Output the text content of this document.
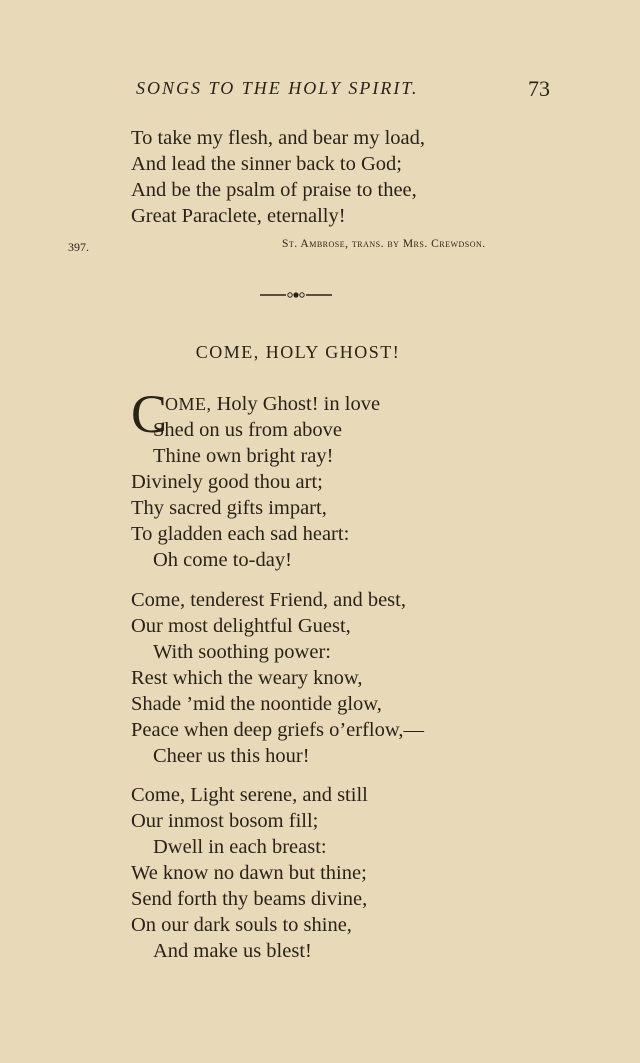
SONGS TO THE HOLY SPIRIT.	73
To take my flesh, and bear my load,
And lead the sinner back to God;
And be the psalm of praise to thee,
Great Paraclete, eternally!
397.	St. Ambrose, trans. by Mrs. Crewdson.
COME, HOLY GHOST!
C
OME, Holy Ghost! in love
Shed on us from above
Thine own bright ray!
Divinely good thou art;
Thy sacred gifts impart,
To gladden each sad heart:
Oh come to-day!
Come, tenderest Friend, and best,
Our most delightful Guest,
With soothing power:
Rest which the weary know,
Shade ’mid the noontide glow,
Peace when deep griefs o’erflow,—
Cheer us this hour!
Come, Light serene, and still
Our inmost bosom fill;
Dwell in each breast:
We know no dawn but thine;
Send forth thy beams divine,
On our dark souls to shine,
And make us blest!
